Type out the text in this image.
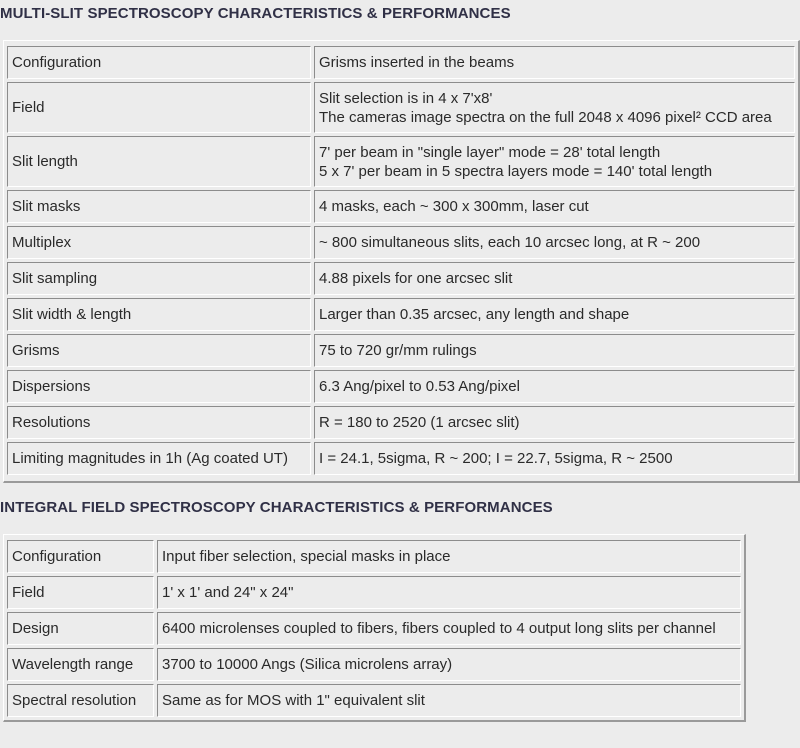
MULTI-SLIT SPECTROSCOPY CHARACTERISTICS & PERFORMANCES
Configuration	Grisms inserted in the beams

Field	Slit selection is in 4 x 7'x8'
The cameras image spectra on the full 2048 x 4096 pixel² CCD area

Slit length	7' per beam in "single layer" mode = 28' total length
5 x 7' per beam in 5 spectra layers mode = 140' total length

Slit masks	4 masks, each ~ 300 x 300mm, laser cut

Multiplex	~ 800 simultaneous slits, each 10 arcsec long, at R ~ 200

Slit sampling	4.88 pixels for one arcsec slit

Slit width & length	Larger than 0.35 arcsec, any length and shape

Grisms	75 to 720 gr/mm rulings

Dispersions	6.3 Ang/pixel to 0.53 Ang/pixel

Resolutions	R = 180 to 2520 (1 arcsec slit)

Limiting magnitudes in 1h (Ag coated UT)	I = 24.1, 5sigma, R ~ 200; I = 22.7, 5sigma, R ~ 2500
INTEGRAL FIELD SPECTROSCOPY CHARACTERISTICS & PERFORMANCES
Configuration	Input fiber selection, special masks in place

Field	1' x 1' and 24" x 24"

Design	6400 microlenses coupled to fibers, fibers coupled to 4 output long slits per channel

Wavelength range	3700 to 10000 Angs (Silica microlens array)

Spectral resolution	Same as for MOS with 1" equivalent slit
